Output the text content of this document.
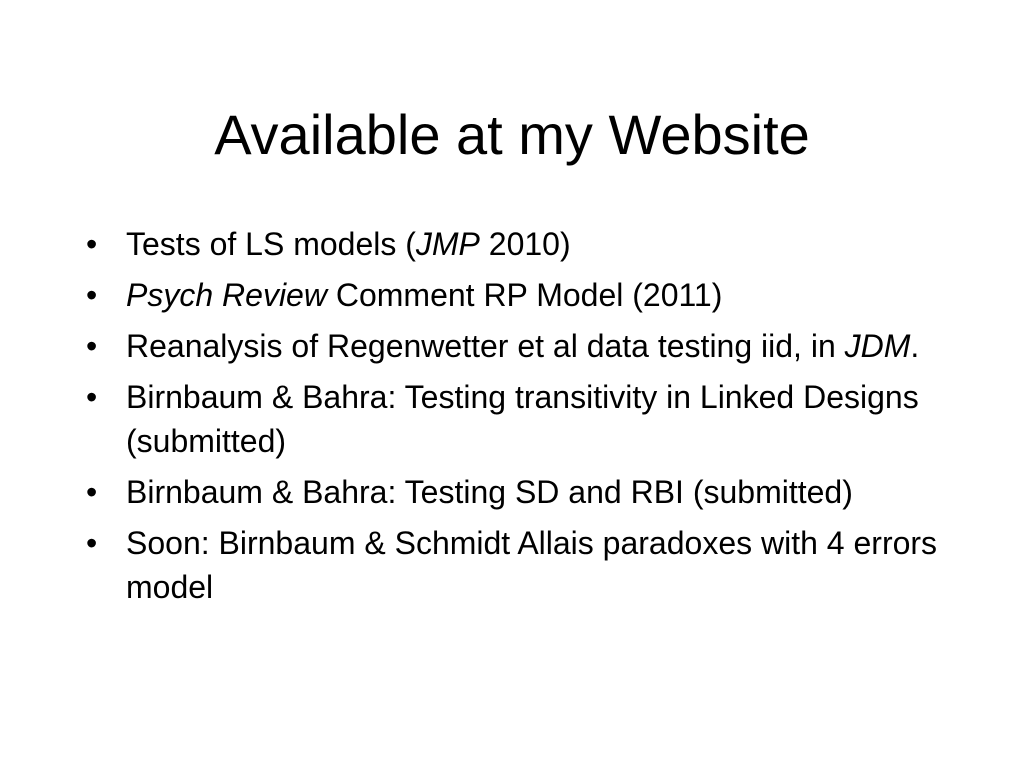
Available at my Website
• Tests of LS models (JMP 2010)
• Psych Review Comment RP Model (2011)
• Reanalysis of Regenwetter et al data testing iid, in JDM.
• Birnbaum & Bahra: Testing transitivity in Linked Designs (submitted)
• Birnbaum & Bahra: Testing SD and RBI (submitted)
• Soon: Birnbaum & Schmidt Allais paradoxes with 4 errors model
